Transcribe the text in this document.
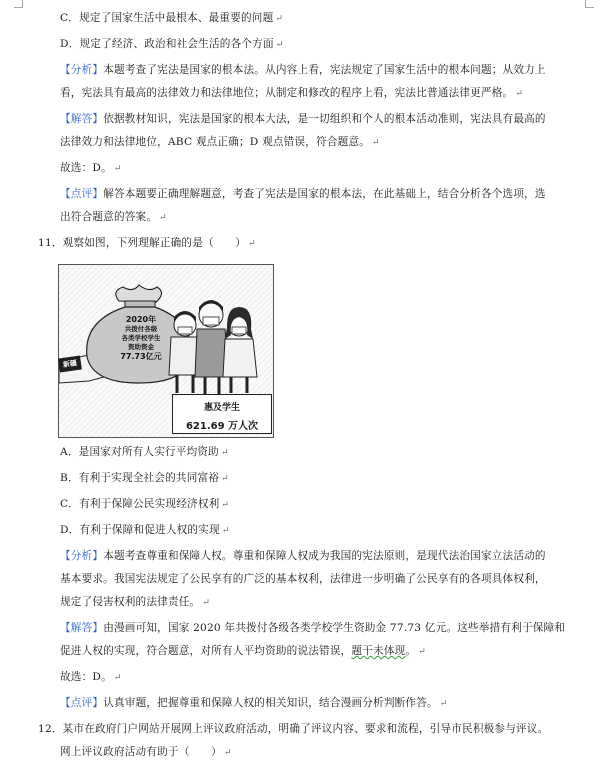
C．规定了国家生活中最根本、最重要的问题 ↵
D．规定了经济、政治和社会生活的各个方面 ↵
【分析】本题考查了宪法是国家的根本法。从内容上看，宪法规定了国家生活中的根本问题；从效力上
看，宪法具有最高的法律效力和法律地位；从制定和修改的程序上看，宪法比普通法律更严格。 ↵
【解答】依据教材知识，宪法是国家的根本大法，是一切组织和个人的根本活动准则，宪法具有最高的
法律效力和法律地位，ABC 观点正确；D 观点错误，符合题意。 ↵
故选：D。 ↵
【点评】解答本题要正确理解题意，考查了宪法是国家的根本法，在此基础上，结合分析各个选项，选
出符合题意的答案。 ↵
11．观察如图，下列理解正确的是（　　） ↵
2020年
共拨付各级
各类学校学生
资助资金
77.73亿元
新疆
惠及学生
621.69 万人次
A．是国家对所有人实行平均资助 ↵
B．有利于实现全社会的共同富裕 ↵
C．有利于保障公民实现经济权利 ↵
D．有利于保障和促进人权的实现 ↵
【分析】本题考查尊重和保障人权。尊重和保障人权成为我国的宪法原则，是现代法治国家立法活动的
基本要求。我国宪法规定了公民享有的广泛的基本权利，法律进一步明确了公民享有的各项具体权利，
规定了侵害权利的法律责任。 ↵
【解答】由漫画可知，国家 2020 年共拨付各级各类学校学生资助金 77.73 亿元。这些举措有利于保障和
促进人权的实现，符合题意，对所有人平均资助的说法错误，题干未体现。 ↵
故选：D。 ↵
【点评】认真审题，把握尊重和保障人权的相关知识，结合漫画分析判断作答。 ↵
12．某市在政府门户网站开展网上评议政府活动，明确了评议内容、要求和流程，引导市民积极参与评议。
网上评议政府活动有助于（　　） ↵
